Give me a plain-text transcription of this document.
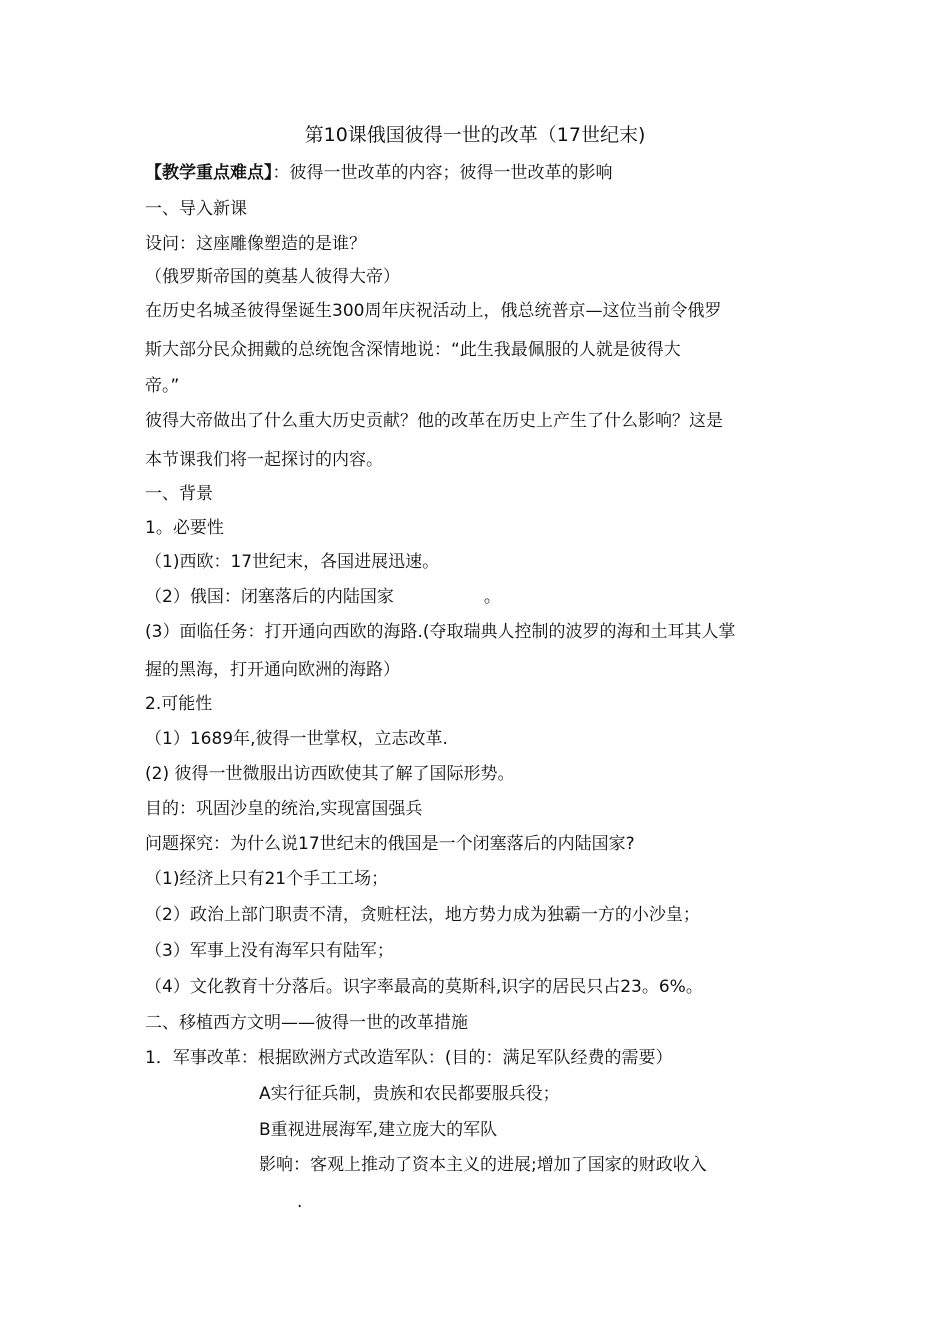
第10课俄国彼得一世的改革（17世纪末)
【教学重点难点】：彼得一世改革的内容；彼得一世改革的影响
一、导入新课
设问：这座雕像塑造的是谁？
（俄罗斯帝国的奠基人彼得大帝）
在历史名城圣彼得堡诞生300周年庆祝活动上，俄总统普京—这位当前令俄罗
斯大部分民众拥戴的总统饱含深情地说：“此生我最佩服的人就是彼得大
帝。”
彼得大帝做出了什么重大历史贡献？他的改革在历史上产生了什么影响？这是
本节课我们将一起探讨的内容。
一、背景
1。必要性
（1)西欧：17世纪末，各国进展迅速。
（2）俄国：闭塞落后的内陆国家	。
(3）面临任务：打开通向西欧的海路.(夺取瑞典人控制的波罗的海和土耳其人掌
握的黑海，打开通向欧洲的海路）
2.可能性
（1）1689年,彼得一世掌权，立志改革.
(2) 彼得一世微服出访西欧使其了解了国际形势。
目的：巩固沙皇的统治,实现富国强兵
问题探究：为什么说17世纪末的俄国是一个闭塞落后的内陆国家?
（1)经济上只有21个手工工场；
（2）政治上部门职责不清，贪赃枉法，地方势力成为独霸一方的小沙皇；
（3）军事上没有海军只有陆军；
（4）文化教育十分落后。识字率最高的莫斯科,识字的居民只占23。6%。
二、移植西方文明——彼得一世的改革措施
1．军事改革：根据欧洲方式改造军队：(目的：满足军队经费的需要）
A实行征兵制，贵族和农民都要服兵役；
B重视进展海军,建立庞大的军队
影响：客观上推动了资本主义的进展;增加了国家的财政收入
.
